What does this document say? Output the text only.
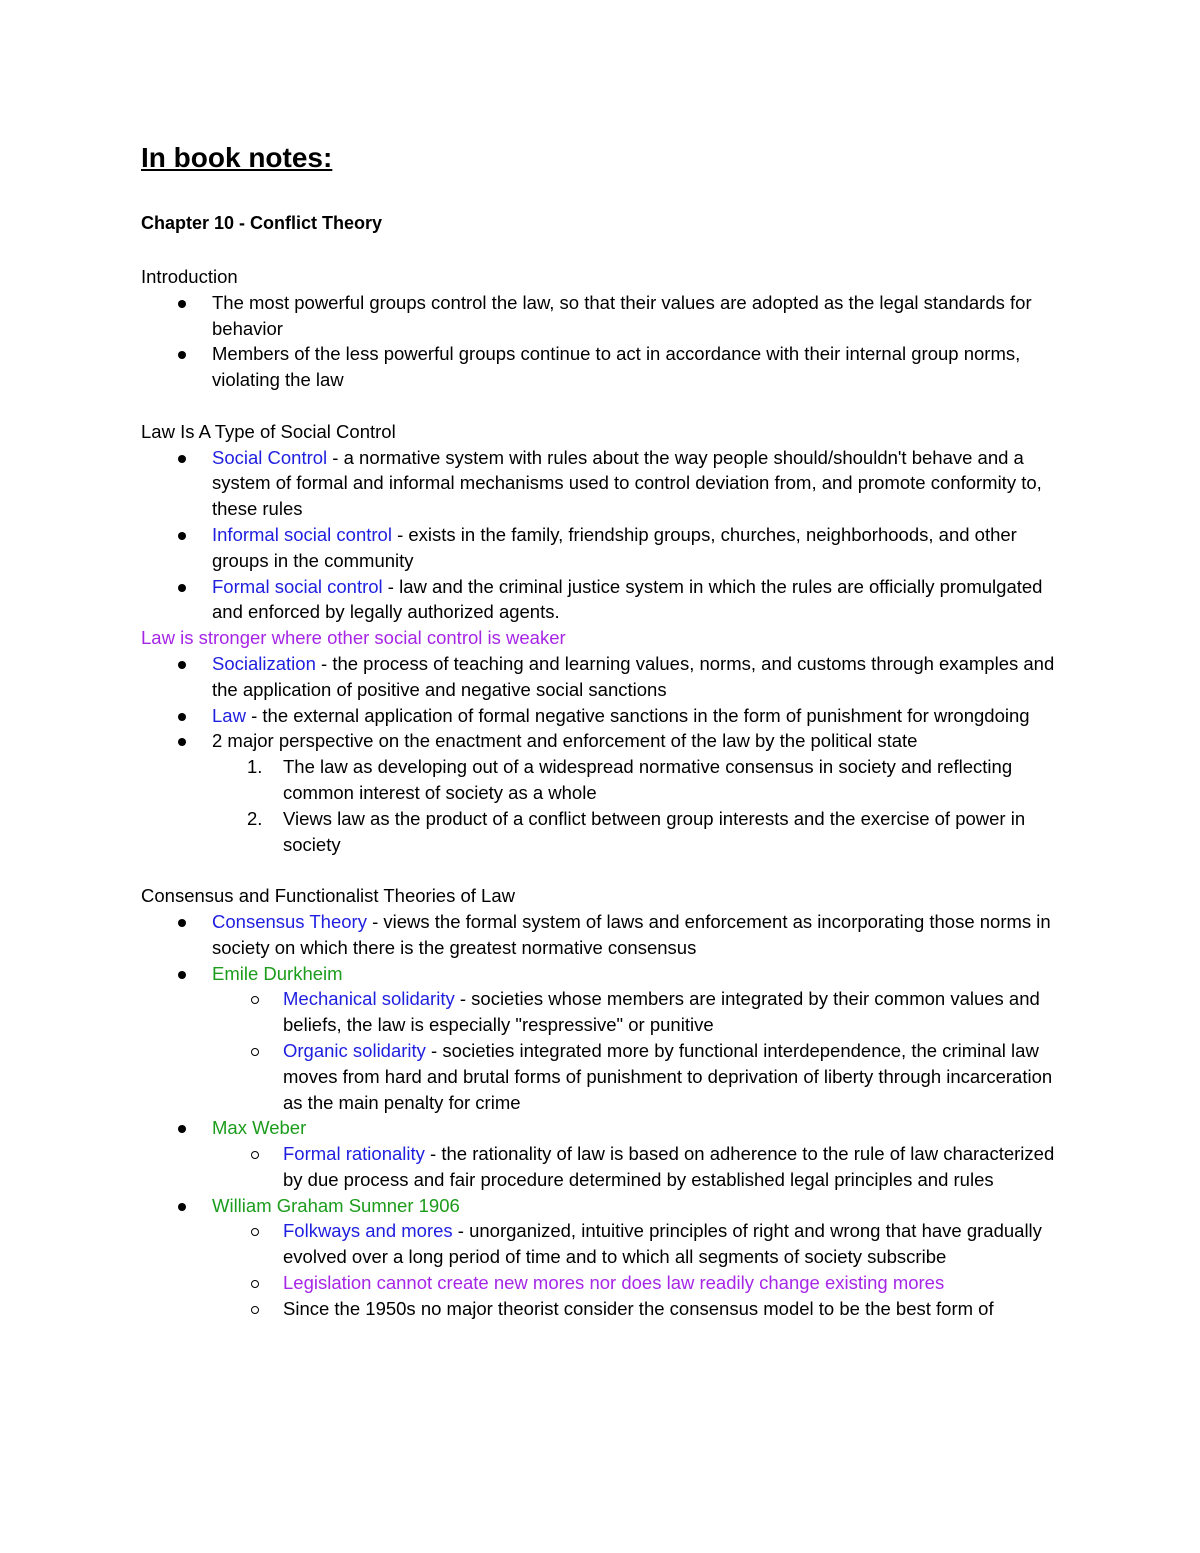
In book notes:
Chapter 10 - Conflict Theory
Introduction
The most powerful groups control the law, so that their values are adopted as the legal standards for behavior
Members of the less powerful groups continue to act in accordance with their internal group norms, violating the law
Law Is A Type of Social Control
Social Control - a normative system with rules about the way people should/shouldn't behave and a system of formal and informal mechanisms used to control deviation from, and promote conformity to, these rules
Informal social control - exists in the family, friendship groups, churches, neighborhoods, and other groups in the community
Formal social control - law and the criminal justice system in which the rules are officially promulgated and enforced by legally authorized agents.
Law is stronger where other social control is weaker
Socialization - the process of teaching and learning values, norms, and customs through examples and the application of positive and negative social sanctions
Law - the external application of formal negative sanctions in the form of punishment for wrongdoing
2 major perspective on the enactment and enforcement of the law by the political state
1. The law as developing out of a widespread normative consensus in society and reflecting common interest of society as a whole
2. Views law as the product of a conflict between group interests and the exercise of power in society
Consensus and Functionalist Theories of Law
Consensus Theory - views the formal system of laws and enforcement as incorporating those norms in society on which there is the greatest normative consensus
Emile Durkheim
Mechanical solidarity - societies whose members are integrated by their common values and beliefs, the law is especially "respressive" or punitive
Organic solidarity - societies integrated more by functional interdependence, the criminal law moves from hard and brutal forms of punishment to deprivation of liberty through incarceration as the main penalty for crime
Max Weber
Formal rationality - the rationality of law is based on adherence to the rule of law characterized by due process and fair procedure determined by established legal principles and rules
William Graham Sumner 1906
Folkways and mores - unorganized, intuitive principles of right and wrong that have gradually evolved over a long period of time and to which all segments of society subscribe
Legislation cannot create new mores nor does law readily change existing mores
Since the 1950s no major theorist consider the consensus model to be the best form of
